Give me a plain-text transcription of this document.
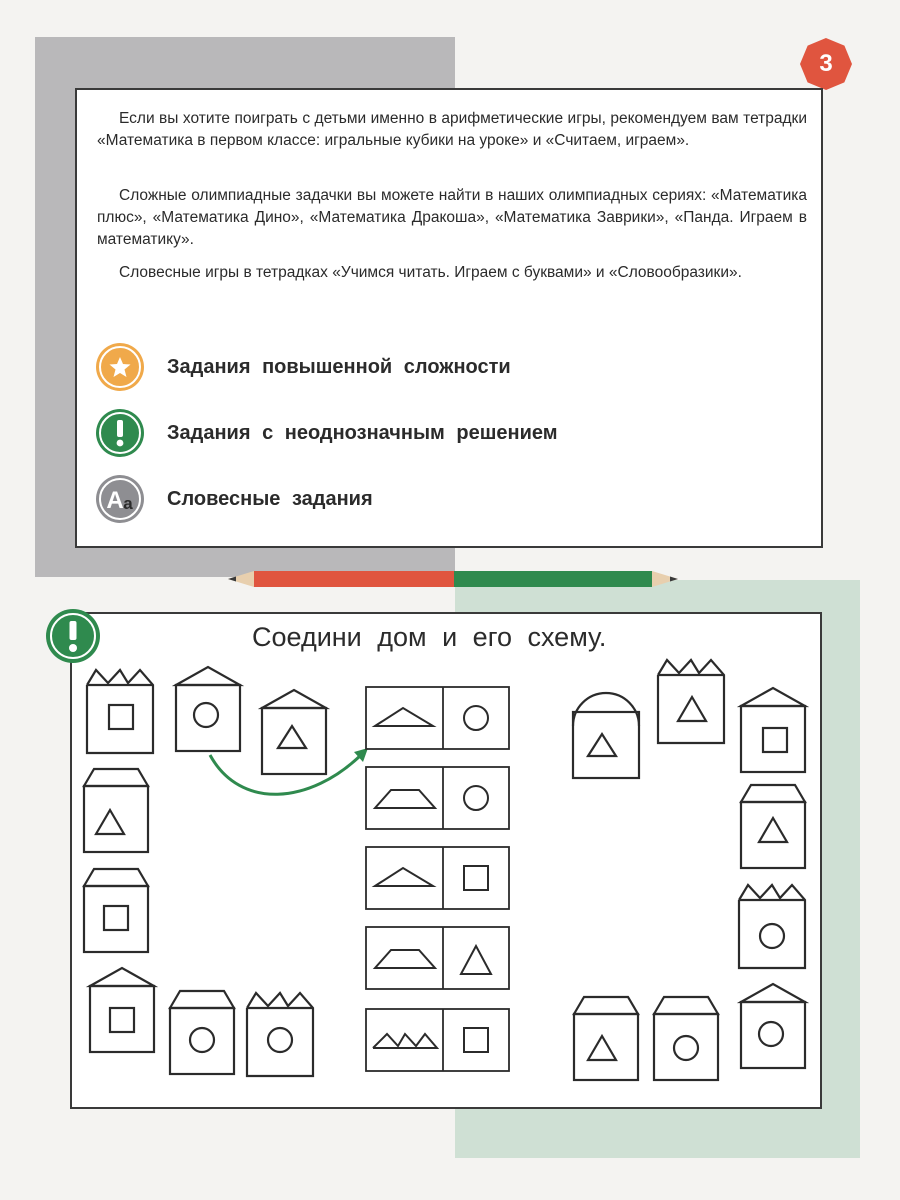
3

Если вы хотите поиграть с детьми именно в арифметические игры, рекомендуем вам тетрадки «Математика в первом классе: игральные кубики на уроке» и «Считаем, играем».

Сложные олимпиадные задачки вы можете найти в наших олимпиадных сериях: «Математика плюс», «Математика Дино», «Математика Дракоша», «Математика Заврики», «Панда. Играем в математику».

Словесные игры в тетрадках «Учимся читать. Играем с буквами» и «Словообразики».

Задания повышенной сложности
Задания с неоднозначным решением
A a Словесные задания
Соедини дом и его схему.
